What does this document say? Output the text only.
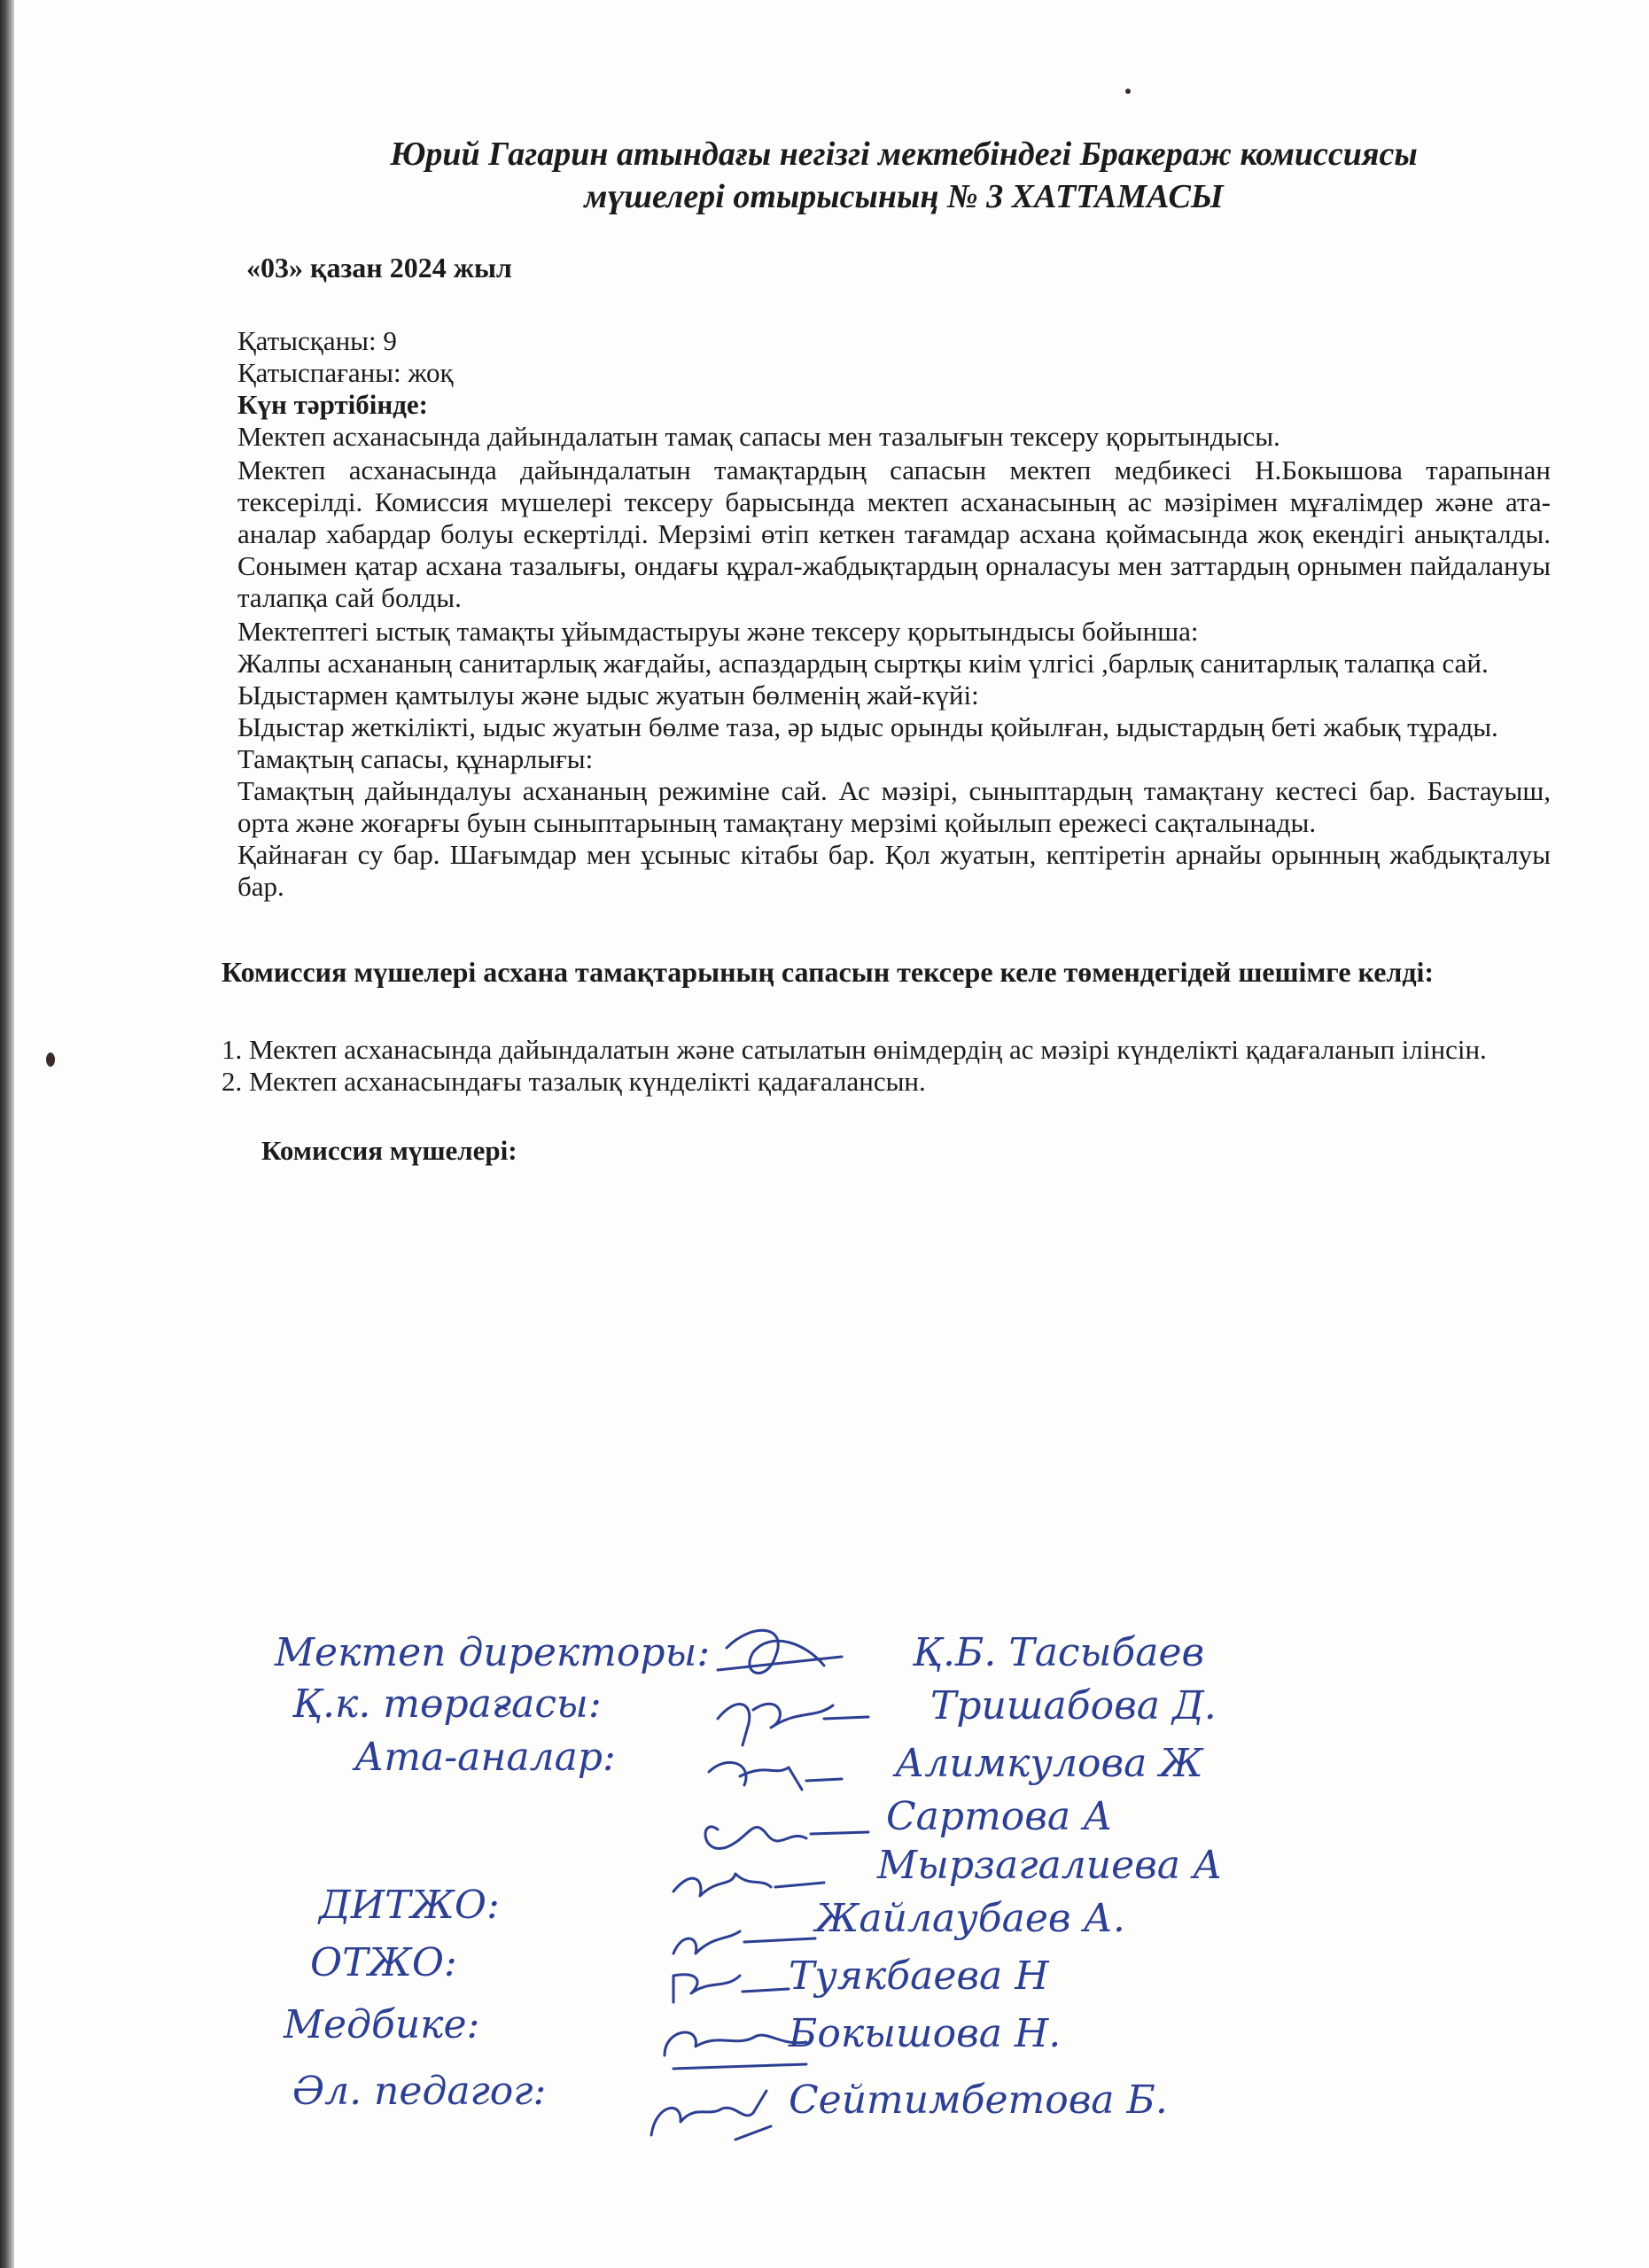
Юрий Гагарин атындағы негізгі мектебіндегі Бракераж комиссиясы
мүшелері отырысының № 3 ХАТТАМАСЫ
«03» қазан 2024 жыл

Қатысқаны: 9

Қатыспағаны: жоқ

Күн тәртібінде:

Мектеп асханасында дайындалатын тамақ сапасы мен тазалығын тексеру қорытындысы.

Мектеп асханасында дайындалатын тамақтардың сапасын мектеп медбикесі Н.Бокышова тарапынан тексерілді. Комиссия мүшелері тексеру барысында мектеп асханасының ас мәзірімен мұғалімдер және ата-аналар хабардар болуы ескертілді. Мерзімі өтіп кеткен тағамдар асхана қоймасында жоқ екендігі анықталды. Сонымен қатар асхана тазалығы, ондағы құрал-жабдықтардың орналасуы мен заттардың орнымен пайдалануы талапқа сай болды.

Мектептегі ыстық тамақты ұйымдастыруы және тексеру қорытындысы бойынша:

Жалпы асхананың санитарлық жағдайы, аспаздардың сыртқы киім үлгісі ,барлық санитарлық талапқа сай.

Ыдыстармен қамтылуы және ыдыс жуатын бөлменің жай-күйі:

Ыдыстар жеткілікті, ыдыс жуатын бөлме таза, әр ыдыс орынды қойылған, ыдыстардың беті жабық тұрады.

Тамақтың сапасы, құнарлығы:

Тамақтың дайындалуы асхананың режиміне сай. Ас мәзірі, сыныптардың тамақтану кестесі бар. Бастауыш, орта және жоғарғы буын сыныптарының тамақтану мерзімі қойылып ережесі сақталынады.

Қайнаған су бар. Шағымдар мен ұсыныс кітабы бар. Қол жуатын, кептіретін арнайы орынның жабдықталуы бар.

Комиссия мүшелері асхана тамақтарының сапасын тексере келе төмендегідей шешімге келді:

1. Мектеп асханасында дайындалатын және сатылатын өнімдердің ас мәзірі күнделікті қадағаланып ілінсін.

2. Мектеп асханасындағы тазалық күнделікті қадағалансын.

Комиссия мүшелері:

Мектеп директоры:
Қ.к. төрағасы:
Ата-аналар:
ДИТЖО:
ОТЖО:
Медбике:
Әл. педагог:
Қ.Б. Тасыбаев
Тришабова Д.
Алимкулова Ж
Сартова А
Мырзагалиева А
Жайлаубаев А.
Туякбаева Н
Бокышова Н.
Сейтимбетова Б.
